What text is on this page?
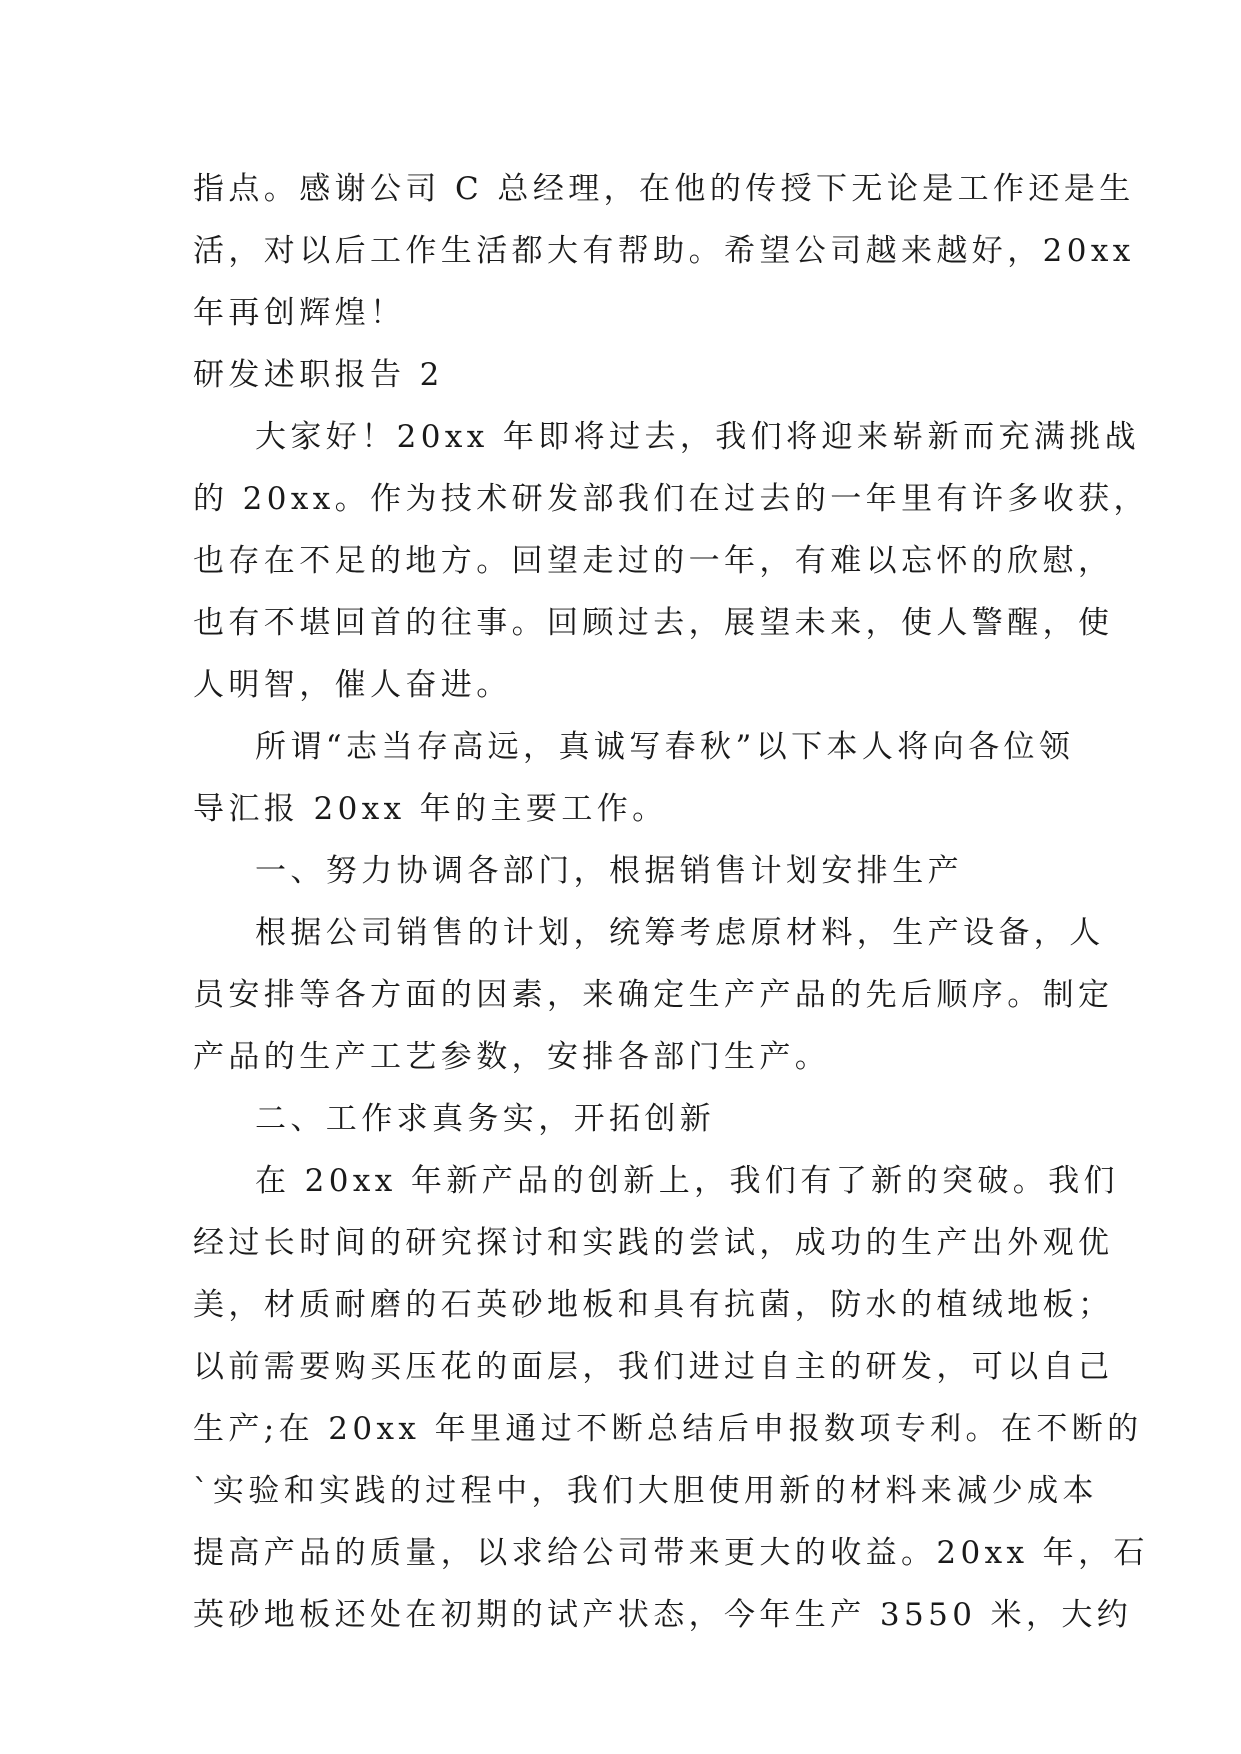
指点。感谢公司 C 总经理，在他的传授下无论是工作还是生
活，对以后工作生活都大有帮助。希望公司越来越好，20xx
年再创辉煌！
研发述职报告 2
大家好！20xx 年即将过去，我们将迎来崭新而充满挑战
的 20xx。作为技术研发部我们在过去的一年里有许多收获，
也存在不足的地方。回望走过的一年，有难以忘怀的欣慰，
也有不堪回首的往事。回顾过去，展望未来，使人警醒，使
人明智，催人奋进。
所谓“志当存高远，真诚写春秋”以下本人将向各位领
导汇报 20xx 年的主要工作。
一、努力协调各部门，根据销售计划安排生产
根据公司销售的计划，统筹考虑原材料，生产设备，人
员安排等各方面的因素，来确定生产产品的先后顺序。制定
产品的生产工艺参数，安排各部门生产。
二、工作求真务实，开拓创新
在 20xx 年新产品的创新上，我们有了新的突破。我们
经过长时间的研究探讨和实践的尝试，成功的生产出外观优
美，材质耐磨的石英砂地板和具有抗菌，防水的植绒地板；
以前需要购买压花的面层，我们进过自主的研发，可以自己
生产;在 20xx 年里通过不断总结后申报数项专利。在不断的
`实验和实践的过程中，我们大胆使用新的材料来减少成本
提高产品的质量，以求给公司带来更大的收益。20xx 年，石
英砂地板还处在初期的试产状态，今年生产 3550 米，大约
